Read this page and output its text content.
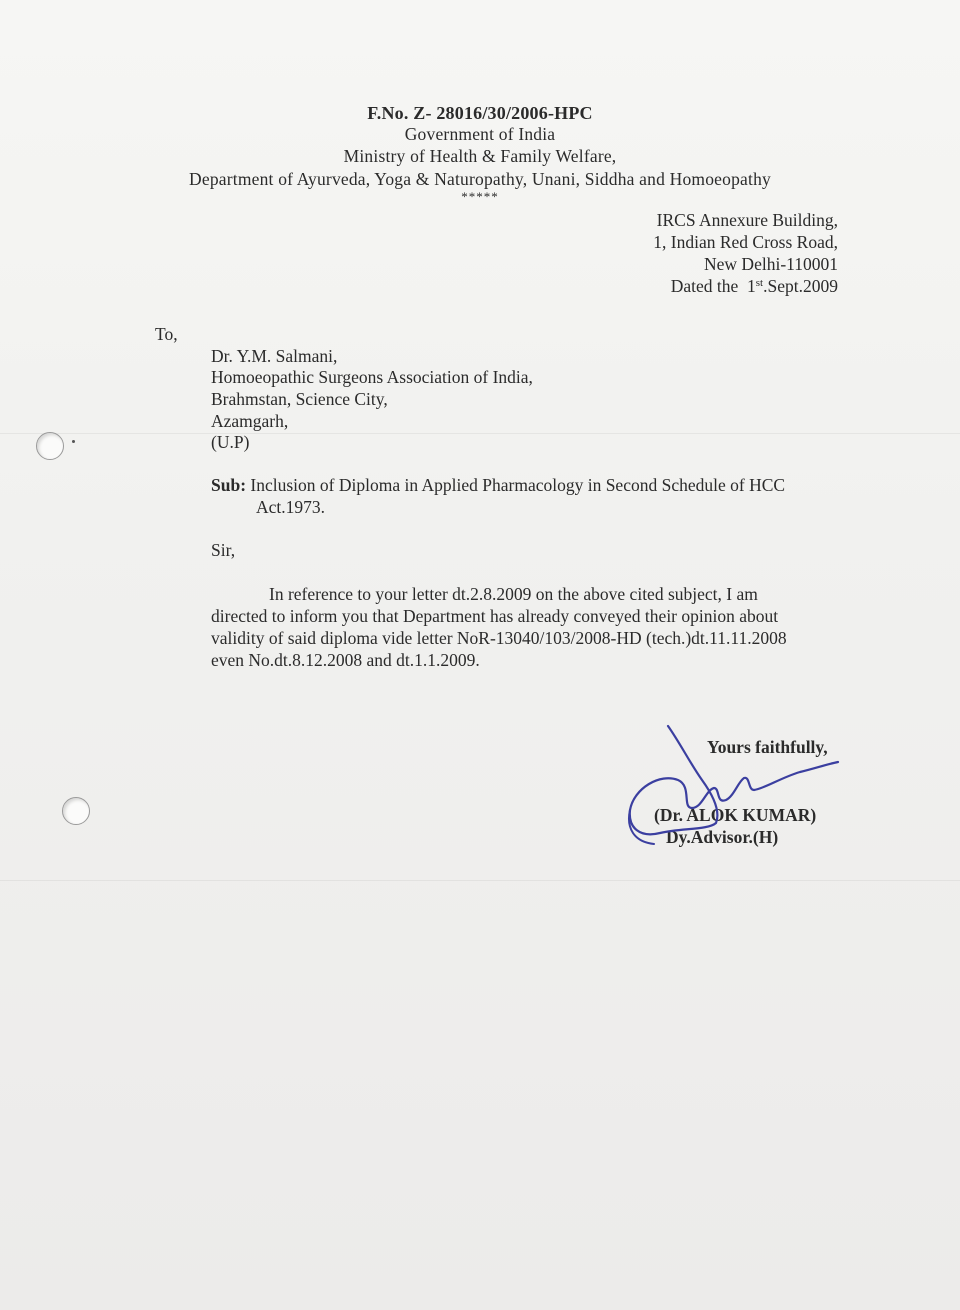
F.No. Z- 28016/30/2006-HPC
Government of India
Ministry of Health & Family Welfare,
Department of Ayurveda, Yoga & Naturopathy, Unani, Siddha and Homoeopathy
*****
IRCS Annexure Building,
1, Indian Red Cross Road,
New Delhi-110001
Dated the 1st.Sept.2009
To,
Dr. Y.M. Salmani,
Homoeopathic Surgeons Association of India,
Brahmstan, Science City,
Azamgarh,
(U.P)
Sub: Inclusion of Diploma in Applied Pharmacology in Second Schedule of HCC
Act.1973.
Sir,
In reference to your letter dt.2.8.2009 on the above cited subject, I am
directed to inform you that Department has already conveyed their opinion about
validity of said diploma vide letter NoR-13040/103/2008-HD (tech.)dt.11.11.2008
even No.dt.8.12.2008 and dt.1.1.2009.
Yours faithfully,
(Dr. ALOK KUMAR)
Dy.Advisor.(H)
